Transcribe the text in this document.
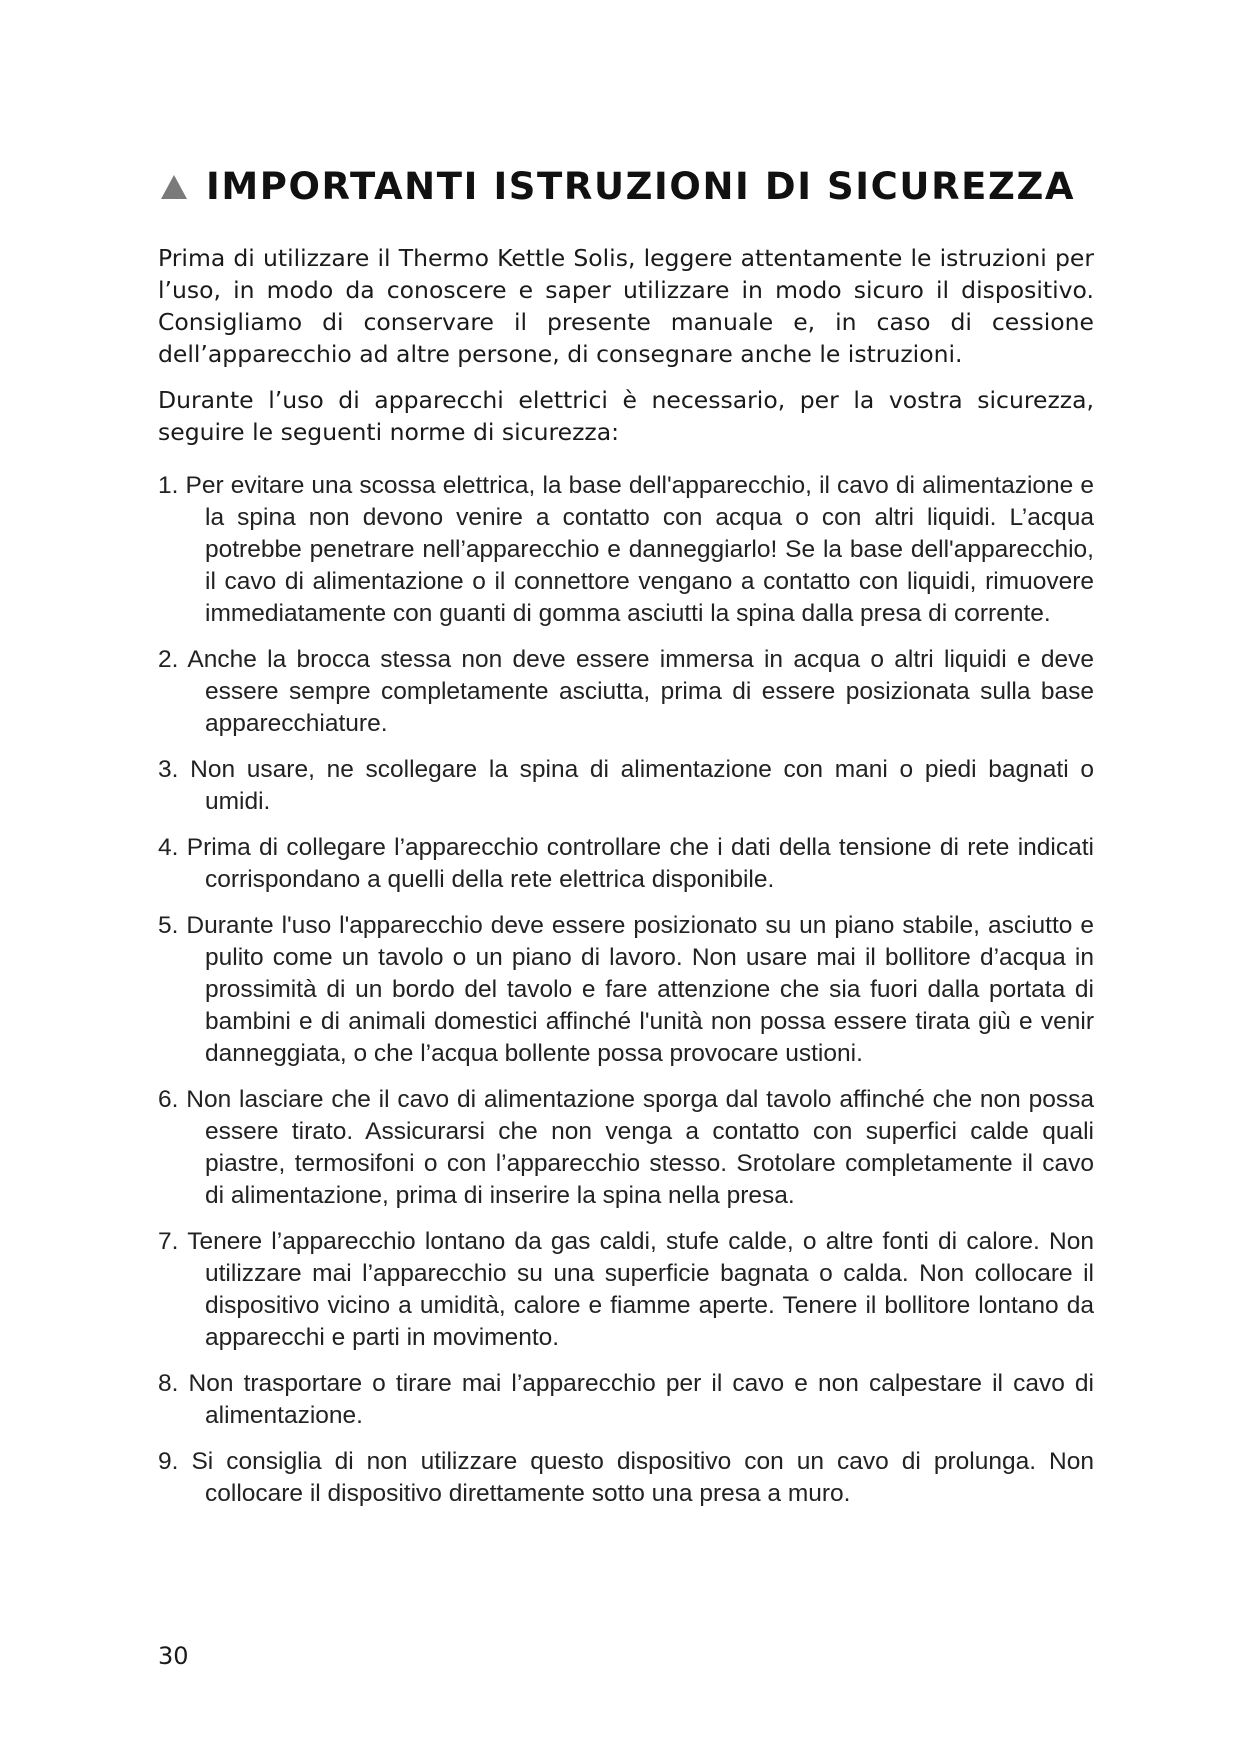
IMPORTANTI ISTRUZIONI DI SICUREZZA

Prima di utilizzare il Thermo Kettle Solis, leggere attentamente le istruzioni per l’uso, in modo da conoscere e saper utilizzare in modo sicuro il dispositivo. Consigliamo di conservare il presente manuale e, in caso di cessione dell’apparecchio ad altre persone, di consegnare anche le istruzioni.

Durante l’uso di apparecchi elettrici è necessario, per la vostra sicurezza, seguire le seguenti norme di sicurezza:

1. Per evitare una scossa elettrica, la base dell'apparecchio, il cavo di alimentazione e la spina non devono venire a contatto con acqua o con altri liquidi. L’acqua potrebbe penetrare nell’apparecchio e danneggiarlo! Se la base dell'apparecchio, il cavo di alimentazione o il connettore vengano a contatto con liquidi, rimuovere immediatamente con guanti di gomma asciutti la spina dalla presa di corrente.
2. Anche la brocca stessa non deve essere immersa in acqua o altri liquidi e deve essere sempre completamente asciutta, prima di essere posizionata sulla base apparecchiature.
3. Non usare, ne scollegare la spina di alimentazione con mani o piedi bagnati o umidi.
4. Prima di collegare l’apparecchio controllare che i dati della tensione di rete indicati corrispondano a quelli della rete elettrica disponibile.
5. Durante l'uso l'apparecchio deve essere posizionato su un piano stabile, asciutto e pulito come un tavolo o un piano di lavoro. Non usare mai il bollitore d’acqua in prossimità di un bordo del tavolo e fare attenzione che sia fuori dalla portata di bambini e di animali domestici affinché l'unità non possa essere tirata giù e venir danneggiata, o che l’acqua bollente possa provocare ustioni.
6. Non lasciare che il cavo di alimentazione sporga dal tavolo affinché che non possa essere tirato. Assicurarsi che non venga a contatto con superfici calde quali piastre, termosifoni o con l’apparecchio stesso. Srotolare completamente il cavo di alimentazione, prima di inserire la spina nella presa.
7. Tenere l’apparecchio lontano da gas caldi, stufe calde, o altre fonti di calore. Non utilizzare mai l’apparecchio su una superficie bagnata o calda. Non collocare il dispositivo vicino a umidità, calore e fiamme aperte. Tenere il bollitore lontano da apparecchi e parti in movimento.
8. Non trasportare o tirare mai l’apparecchio per il cavo e non calpestare il cavo di alimentazione.
9. Si consiglia di non utilizzare questo dispositivo con un cavo di prolunga. Non collocare il dispositivo direttamente sotto una presa a muro.
30
